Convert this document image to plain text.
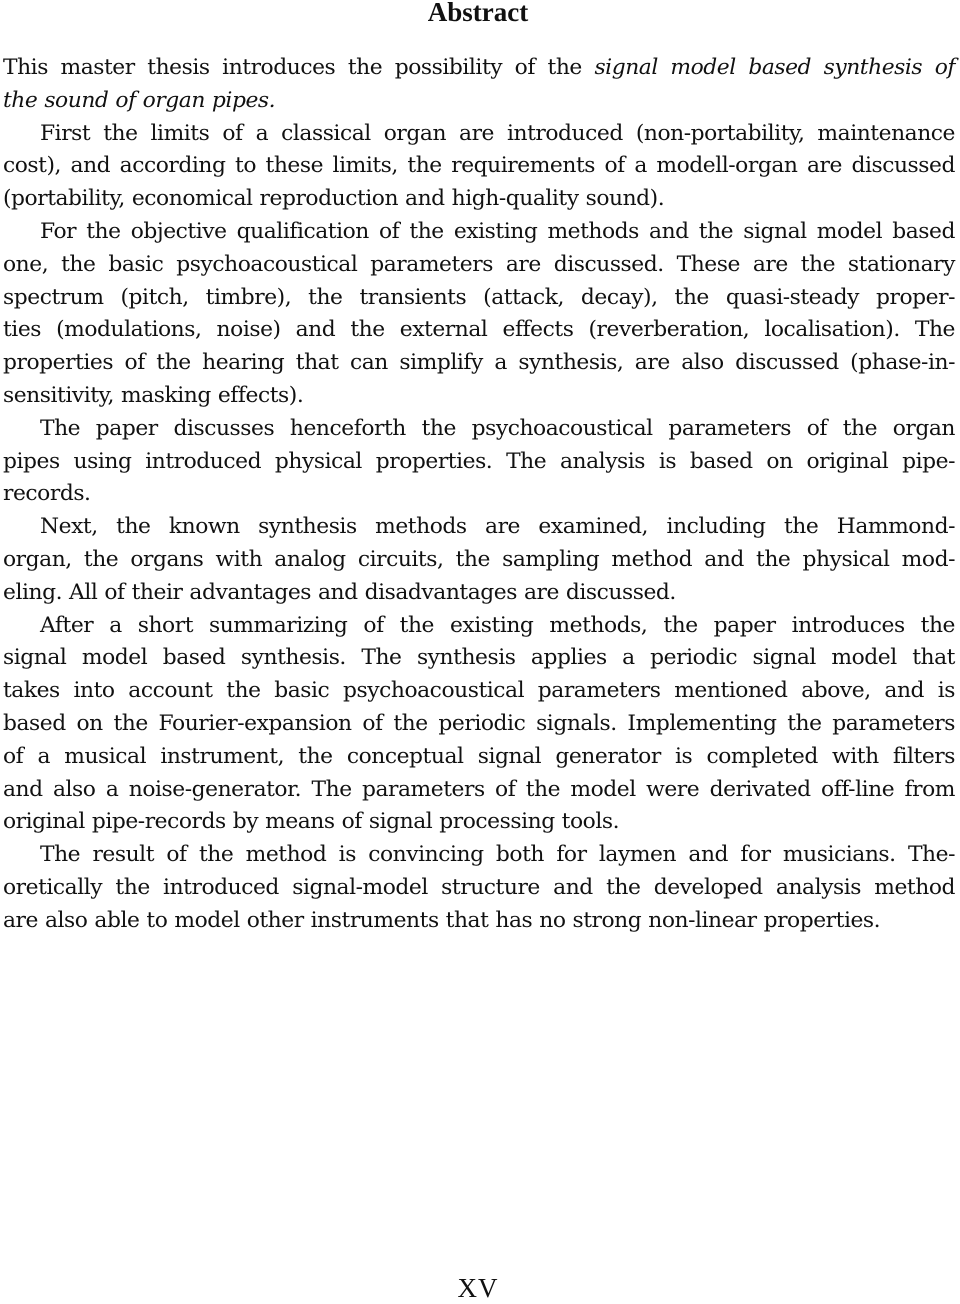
Abstract
This master thesis introduces the possibility of the signal model based synthesis of
the sound of organ pipes.
First the limits of a classical organ are introduced (non-portability, maintenance
cost), and according to these limits, the requirements of a modell-organ are discussed
(portability, economical reproduction and high-quality sound).
For the objective qualification of the existing methods and the signal model based
one, the basic psychoacoustical parameters are discussed. These are the stationary
spectrum (pitch, timbre), the transients (attack, decay), the quasi-steady proper-
ties (modulations, noise) and the external effects (reverberation, localisation). The
properties of the hearing that can simplify a synthesis, are also discussed (phase-in-
sensitivity, masking effects).
The paper discusses henceforth the psychoacoustical parameters of the organ
pipes using introduced physical properties. The analysis is based on original pipe-
records.
Next, the known synthesis methods are examined, including the Hammond-
organ, the organs with analog circuits, the sampling method and the physical mod-
eling. All of their advantages and disadvantages are discussed.
After a short summarizing of the existing methods, the paper introduces the
signal model based synthesis. The synthesis applies a periodic signal model that
takes into account the basic psychoacoustical parameters mentioned above, and is
based on the Fourier-expansion of the periodic signals. Implementing the parameters
of a musical instrument, the conceptual signal generator is completed with filters
and also a noise-generator. The parameters of the model were derivated off-line from
original pipe-records by means of signal processing tools.
The result of the method is convincing both for laymen and for musicians. The-
oretically the introduced signal-model structure and the developed analysis method
are also able to model other instruments that has no strong non-linear properties.
XV
